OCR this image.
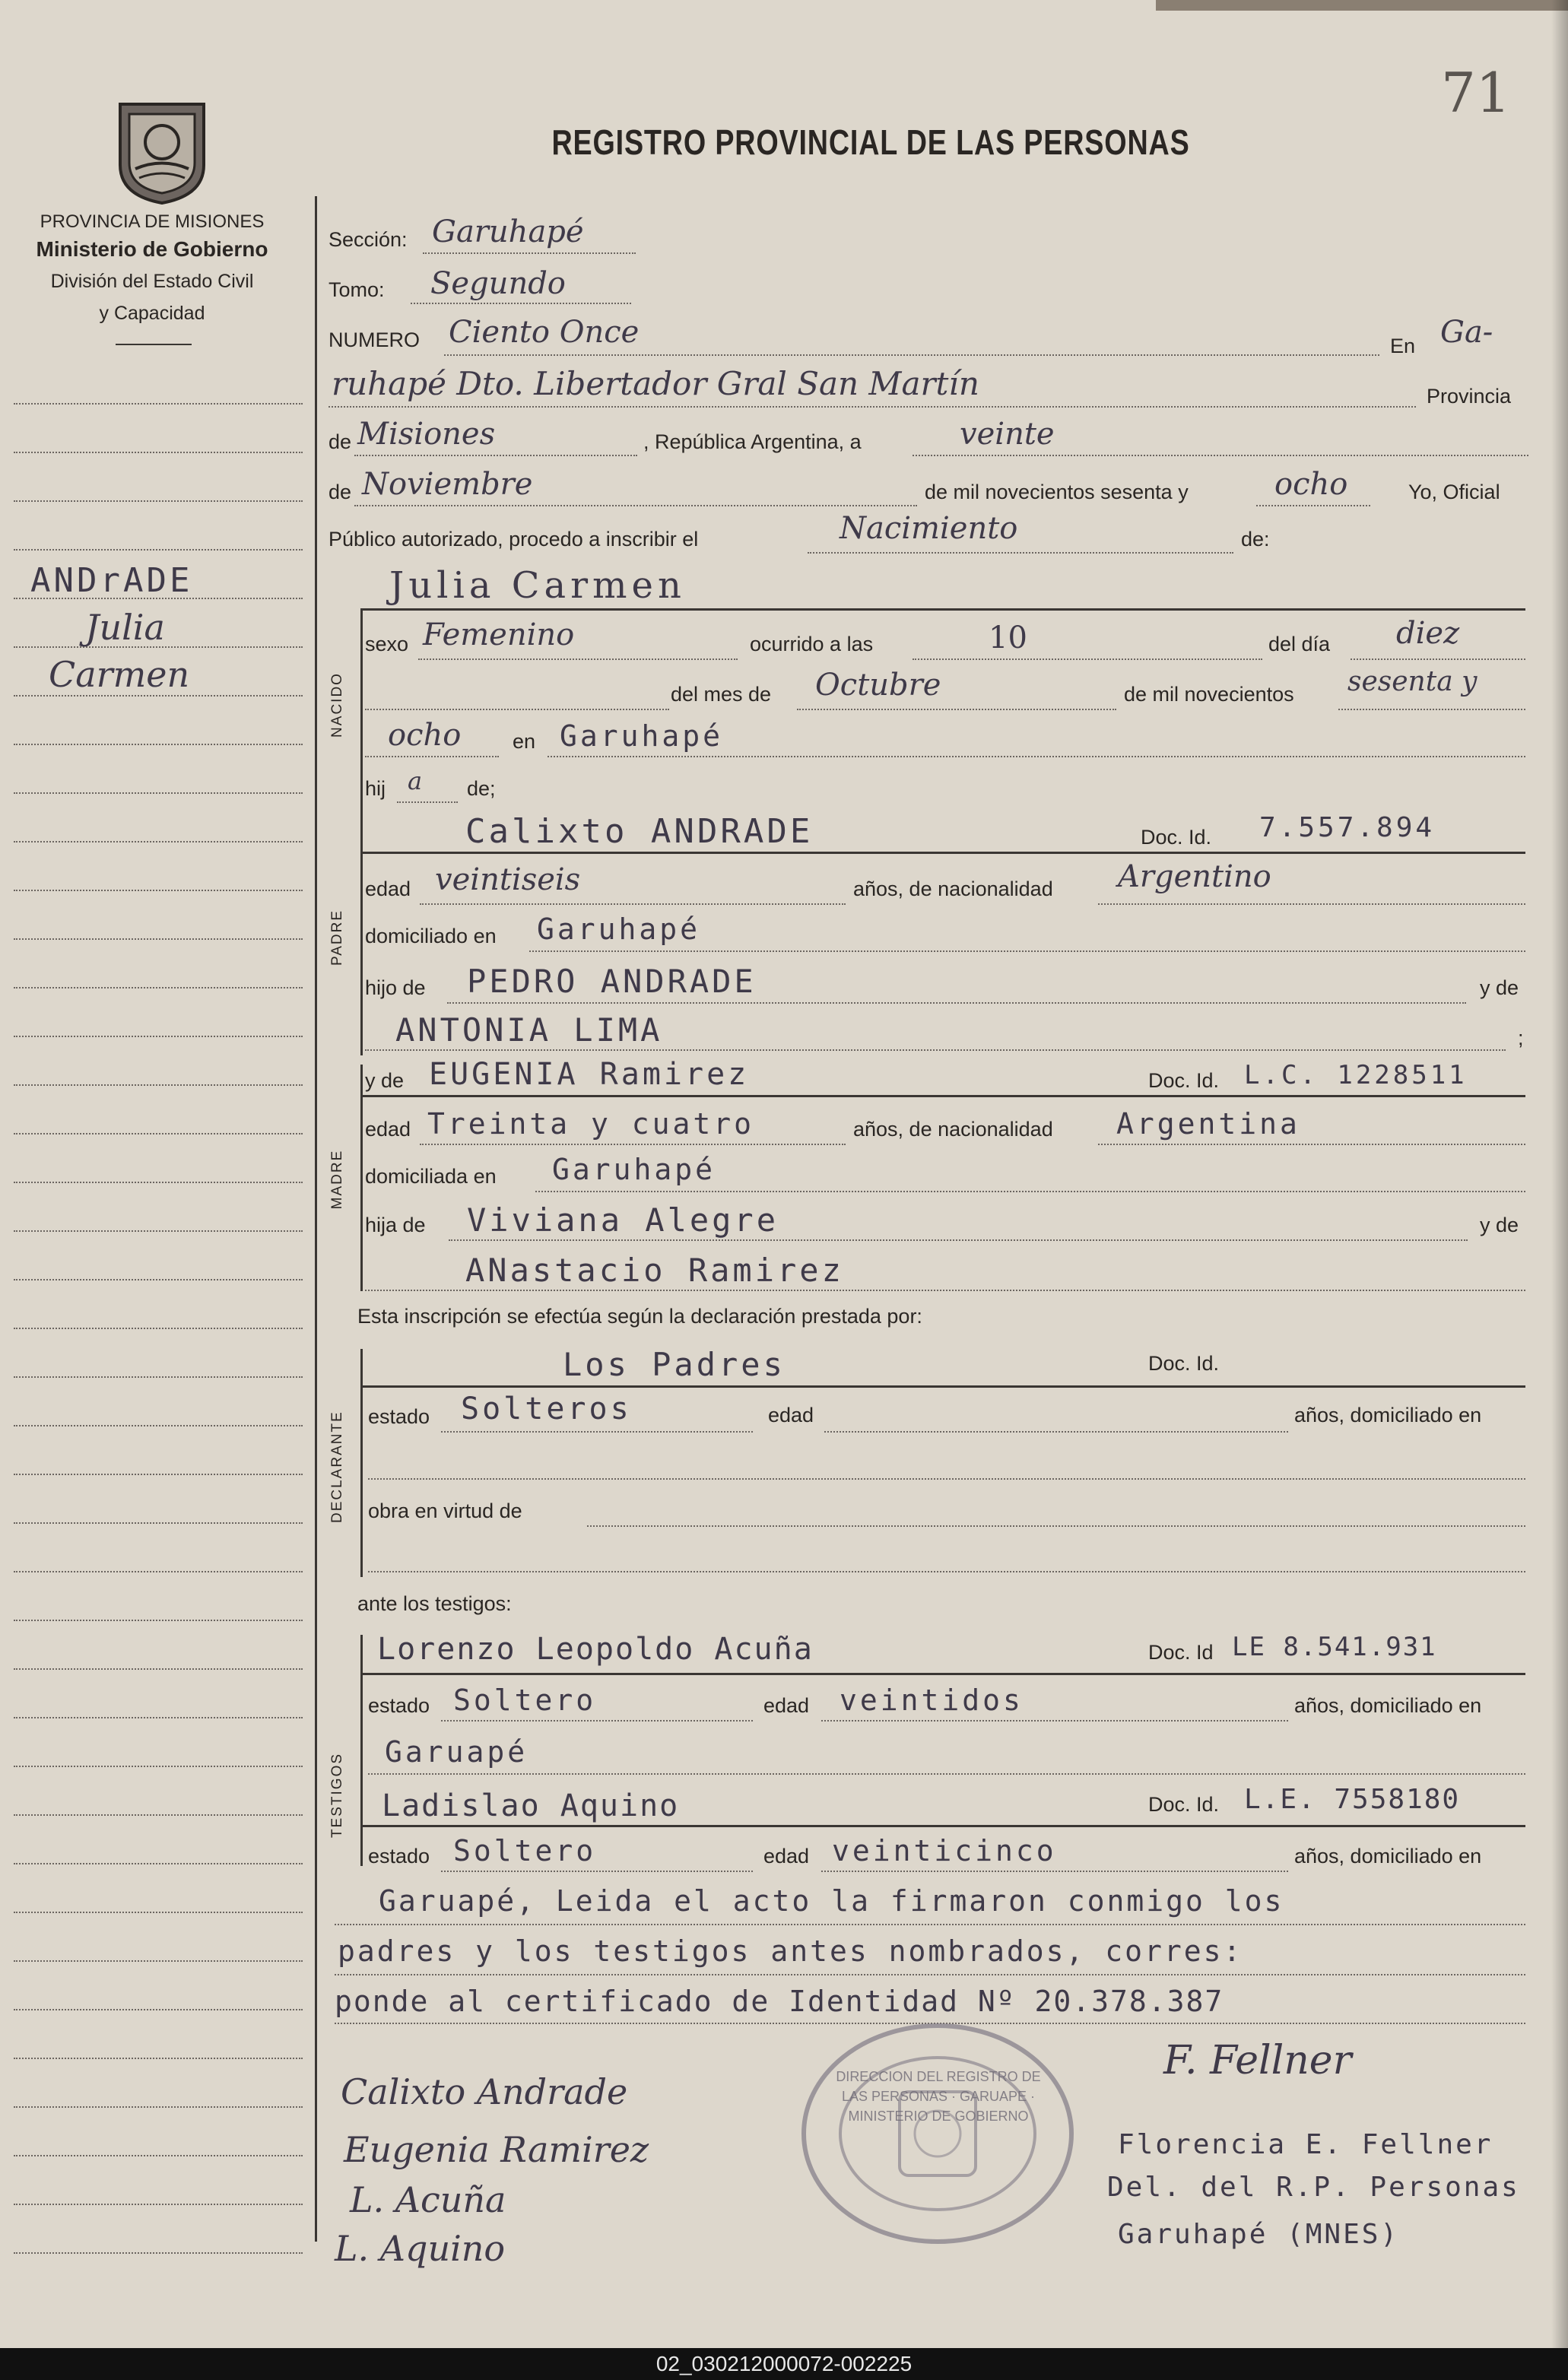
71
PROVINCIA DE MISIONES
Ministerio de Gobierno
División del Estado Civil
y Capacidad
REGISTRO PROVINCIAL DE LAS PERSONAS
ANDrADE
Julia
Carmen
Sección: Garuhapé
Tomo: Segundo
NUMERO Ciento Once	En Ga-
ruhapé Dto. Libertador Gral San Martín	Provincia
de Misiones	, República Argentina, a	veinte
de Noviembre	de mil novecientos sesenta y	ocho	Yo, Oficial
Público autorizado, procedo a inscribir el	Nacimiento	de:
NACIDO
Julia Carmen
sexo Femenino	ocurrido a las	10	del día diez
del mes de Octubre	de mil novecientos sesenta y
ocho	en Garuhapé
hij a de;
PADRE
Calixto ANDRADE	Doc. Id. 7.557.894
edad veintiseis	años, de nacionalidad Argentino
domiciliado en Garuhapé
hijo de PEDRO ANDRADE	y de
ANTONIA LIMA	;
MADRE
y de EUGENIA Ramirez	Doc. Id. L.C. 1228511
edad Treinta y cuatro	años, de nacionalidad Argentina
domiciliada en Garuhapé
hija de Viviana Alegre	y de
ANastacio Ramirez
Esta inscripción se efectúa según la declaración prestada por:
DECLARANTE
Los Padres	Doc. Id.
estado Solteros	edad	años, domiciliado en
obra en virtud de
ante los testigos:
TESTIGOS
Lorenzo Leopoldo Acuña	Doc. Id LE 8.541.931
estado Soltero	edad veintidos	años, domiciliado en
Garuapé
Ladislao Aquino	Doc. Id. L.E. 7558180
estado Soltero	edad veinticinco	años, domiciliado en
Garuapé, Leida el acto la firmaron conmigo los
padres y los testigos antes nombrados, corres:
ponde al certificado de Identidad Nº 20.378.387
DIRECCION DEL REGISTRO DE LAS PERSONAS · GARUAPE · MINISTERIO DE GOBIERNO
Calixto Andrade
Eugenia Ramirez
L. Acuña
L. Aquino
F. Fellner
Florencia E. Fellner
Del. del R.P. Personas
Garuhapé (MNES)
02_030212000072-002225
